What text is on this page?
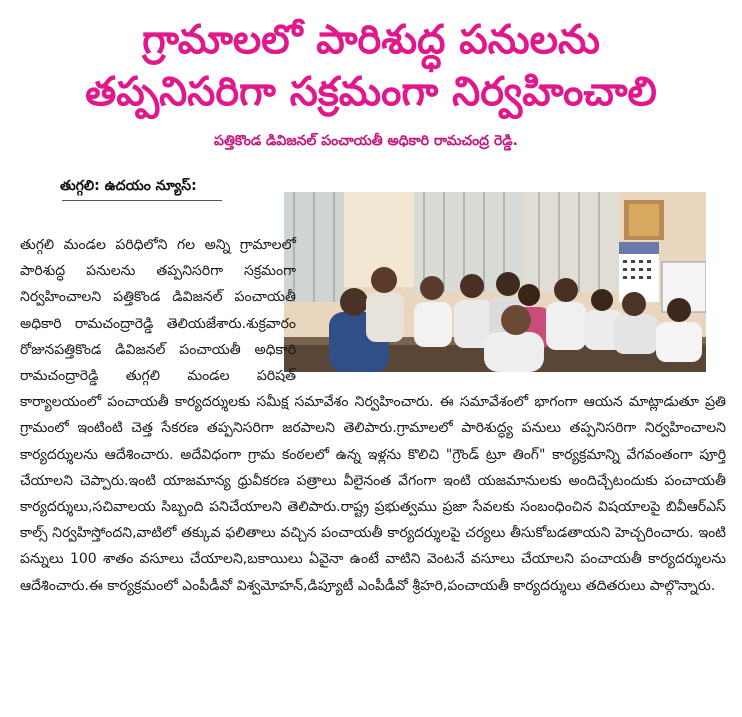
గ్రామాలలో పారిశుద్ధ పనులను
తప్పనిసరిగా సక్రమంగా నిర్వహించాలి
పత్తికొండ డివిజనల్ పంచాయతీ అధికారి రామచంద్ర రెడ్డి.
తుగ్గలి: ఉదయం న్యూస్:
తుగ్గలి మండల పరిధిలోని గల అన్ని గ్రామాలలో పారిశుద్ధ పనులను తప్పనిసరిగా సక్రమంగా నిర్వహించాలని పత్తికొండ డివిజనల్ పంచాయతీ అధికారి రామచంద్రారెడ్డి తెలియజేశారు.శుక్రవారం రోజునపత్తికొండ డివిజనల్ పంచాయతీ అధికారి రామచంద్రారెడ్డి తుగ్గలి మండల పరిషత్ కార్యాలయంలో పంచాయతీ కార్యదర్శులకు సమీక్ష సమావేశం నిర్వహించారు. ఈ సమావేశంలో భాగంగా ఆయన మాట్లాడుతూ ప్రతి గ్రామంలో ఇంటింటి చెత్త సేకరణ తప్పనిసరిగా జరపాలని తెలిపారు.గ్రామాలలో పారిశుద్ధ్య పనులు తప్పనిసరిగా నిర్వహించాలని కార్యదర్శులను ఆదేశించారు. అదేవిధంగా గ్రామ కంఠలలో ఉన్న ఇళ్లను కొలిచి "గ్రౌండ్ ట్రూ తింగ్" కార్యక్రమాన్ని వేగవంతంగా పూర్తి చేయాలని చెప్పారు.ఇంటి యాజమాన్య ధ్రువీకరణ పత్రాలు వీలైనంత వేగంగా ఇంటి యజమానులకు అందిచ్చేటందుకు పంచాయతీ కార్యదర్శులు,సచివాలయ సిబ్బంది పనిచేయాలని తెలిపారు.రాష్ట్ర ప్రభుత్వము ప్రజా సేవలకు సంబంధించిన విషయాలపై బివీఆర్ఎస్ కాల్స్ నిర్వహిస్తోందని,వాటిలో తక్కువ ఫలితాలు వచ్చిన పంచాయతీ కార్యదర్శులపై చర్యలు తీసుకోబడతాయని హెచ్చరించారు. ఇంటి పన్నులు 100 శాతం వసూలు చేయాలని,బకాయిలు ఏవైనా ఉంటే వాటిని వెంటనే వసూలు చేయాలని పంచాయతీ కార్యదర్శులను ఆదేశించారు.ఈ కార్యక్రమంలో ఎంపీడీవో విశ్వమోహన్,డిప్యూటీ ఎంపీడీవో శ్రీహరి,పంచాయతీ కార్యదర్శులు తదితరులు పాల్గొన్నారు.
